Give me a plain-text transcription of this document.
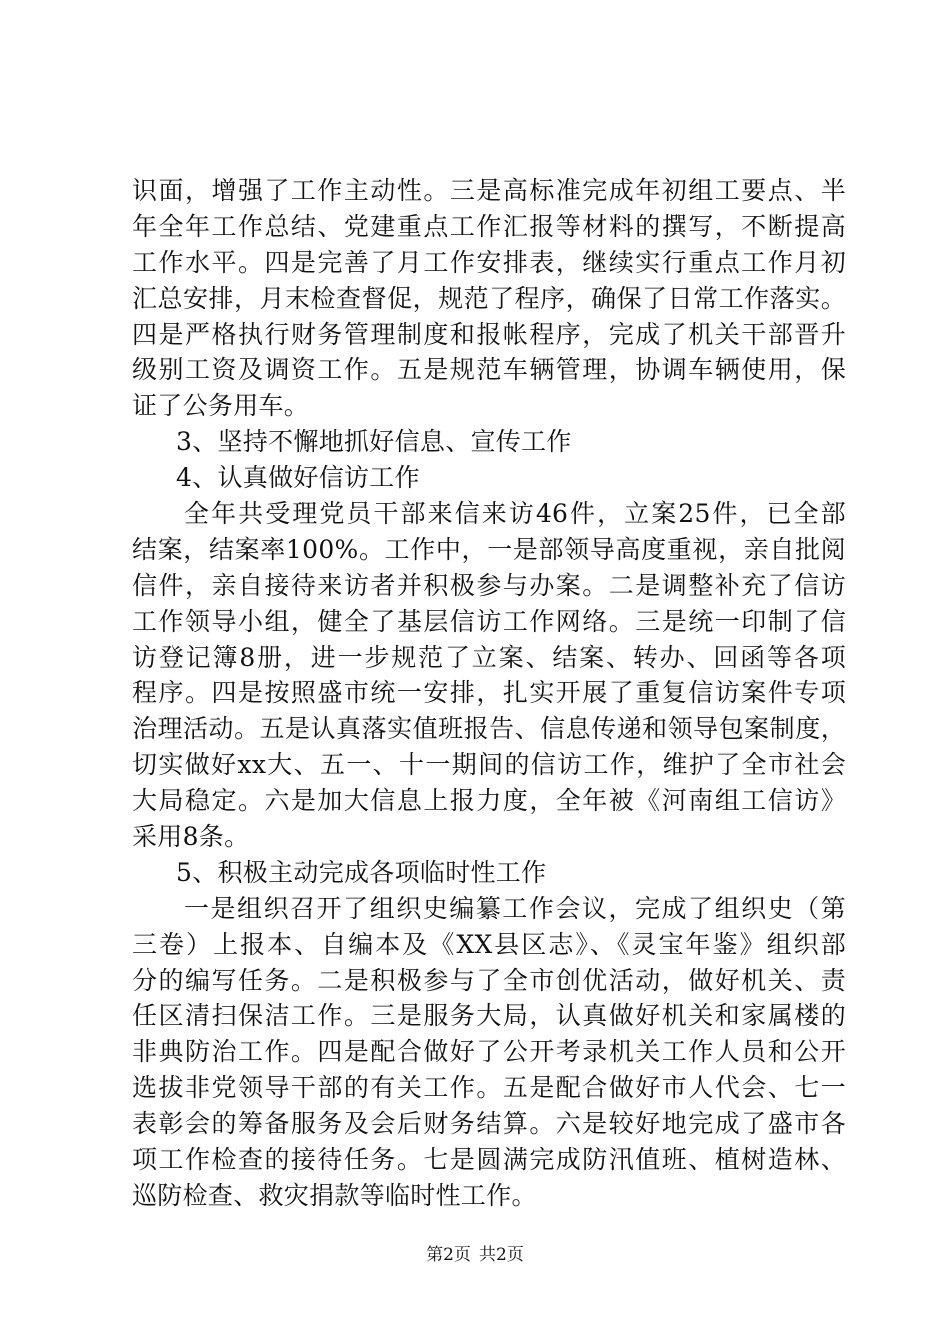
识面，增强了工作主动性。三是高标准完成年初组工要点、半
年全年工作总结、党建重点工作汇报等材料的撰写，不断提高
工作水平。四是完善了月工作安排表，继续实行重点工作月初
汇总安排，月末检查督促，规范了程序，确保了日常工作落实。
四是严格执行财务管理制度和报帐程序，完成了机关干部晋升
级别工资及调资工作。五是规范车辆管理，协调车辆使用，保
证了公务用车。
3、坚持不懈地抓好信息、宣传工作
4、认真做好信访工作
全年共受理党员干部来信来访46件，立案25件，已全部
结案，结案率100%。工作中，一是部领导高度重视，亲自批阅
信件，亲自接待来访者并积极参与办案。二是调整补充了信访
工作领导小组，健全了基层信访工作网络。三是统一印制了信
访登记簿8册，进一步规范了立案、结案、转办、回函等各项
程序。四是按照盛市统一安排，扎实开展了重复信访案件专项
治理活动。五是认真落实值班报告、信息传递和领导包案制度，
切实做好xx大、五一、十一期间的信访工作，维护了全市社会
大局稳定。六是加大信息上报力度，全年被《河南组工信访》
采用8条。
5、积极主动完成各项临时性工作
一是组织召开了组织史编纂工作会议，完成了组织史（第
三卷）上报本、自编本及《XX县区志》、《灵宝年鉴》组织部
分的编写任务。二是积极参与了全市创优活动，做好机关、责
任区清扫保洁工作。三是服务大局，认真做好机关和家属楼的
非典防治工作。四是配合做好了公开考录机关工作人员和公开
选拔非党领导干部的有关工作。五是配合做好市人代会、七一
表彰会的筹备服务及会后财务结算。六是较好地完成了盛市各
项工作检查的接待任务。七是圆满完成防汛值班、植树造林、
巡防检查、救灾捐款等临时性工作。
第2页 共2页
